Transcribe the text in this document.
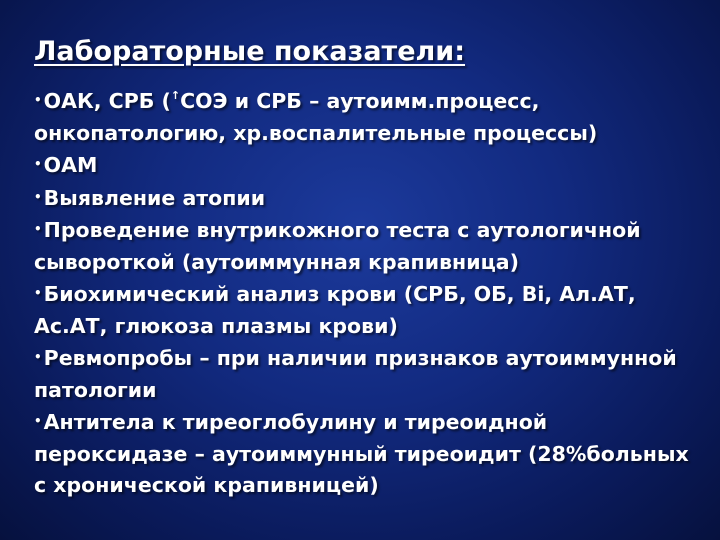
Лабораторные показатели:
•ОАК, СРБ (↑СОЭ и СРБ – аутоимм.процесс, онкопатологию, хр.воспалительные процессы)
•ОАМ
•Выявление атопии
•Проведение внутрикожного теста с аутологичной сывороткой (аутоиммунная крапивница)
•Биохимический анализ крови (СРБ, ОБ, Bi, Ал.АТ, Ас.АТ, глюкоза плазмы крови)
•Ревмопробы – при наличии признаков аутоиммунной патологии
•Антитела к тиреоглобулину и тиреоидной пероксидазе – аутоиммунный тиреоидит (28%больных с хронической крапивницей)
